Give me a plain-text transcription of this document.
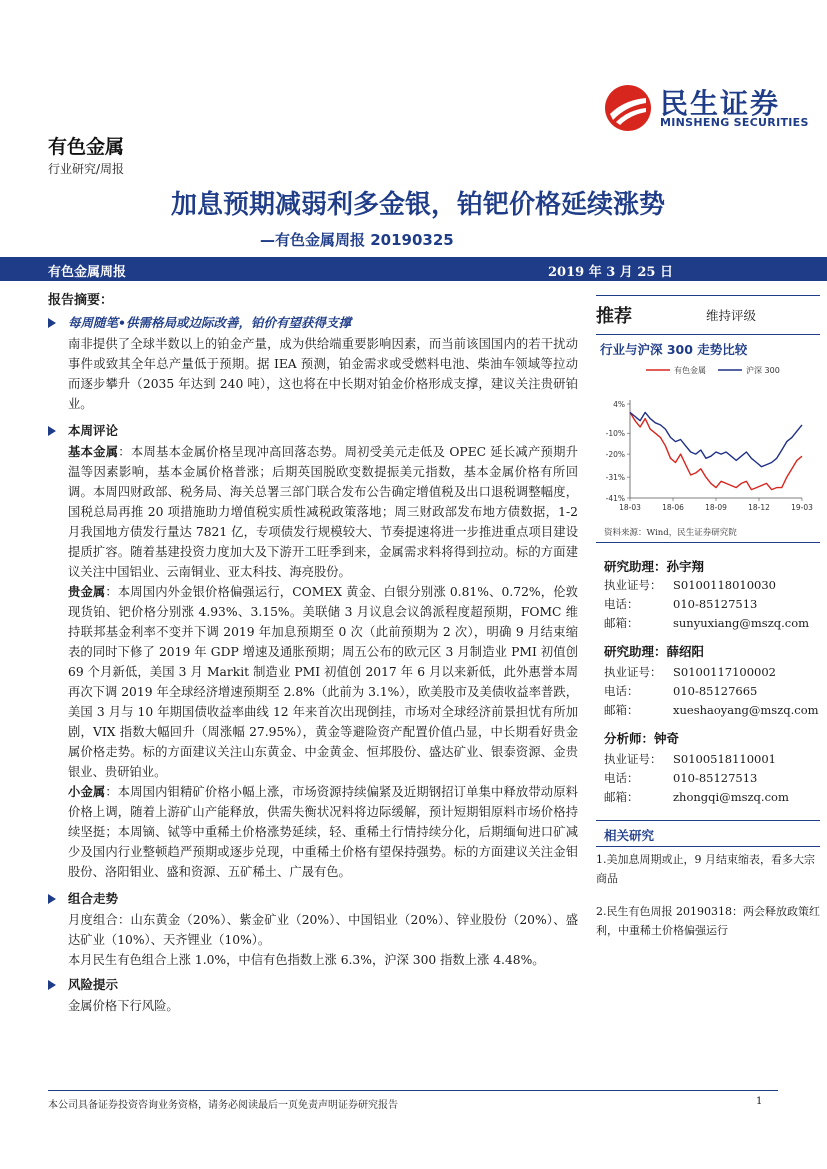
民生证券
MINSHENG SECURITIES
有色金属
行业研究/周报
加息预期减弱利多金银，铂钯价格延续涨势
—有色金属周报 20190325
有色金属周报	2019 年 3 月 25 日
报告摘要：
每周随笔•供需格局或边际改善，铂价有望获得支撑

南非提供了全球半数以上的铂金产量，成为供给端重要影响因素，而当前该国国内的若干扰动事件或致其全年总产量低于预期。据 IEA 预测，铂金需求或受燃料电池、柴油车领域等拉动而逐步攀升（2035 年达到 240 吨），这也将在中长期对铂金价格形成支撑，建议关注贵研铂业。

本周评论

基本金属：本周基本金属价格呈现冲高回落态势。周初受美元走低及 OPEC 延长减产预期升温等因素影响，基本金属价格普涨；后期英国脱欧变数提振美元指数，基本金属价格有所回调。本周四财政部、税务局、海关总署三部门联合发布公告确定增值税及出口退税调整幅度，国税总局再推 20 项措施助力增值税实质性减税政策落地；周三财政部发布地方债数据，1-2 月我国地方债发行量达 7821 亿，专项债发行规模较大、节奏提速将进一步推进重点项目建设提质扩容。随着基建投资力度加大及下游开工旺季到来，金属需求料将得到拉动。标的方面建议关注中国铝业、云南铜业、亚太科技、海亮股份。

贵金属：本周国内外金银价格偏强运行，COMEX 黄金、白银分别涨 0.81%、0.72%，伦敦现货铂、钯价格分别涨 4.93%、3.15%。美联储 3 月议息会议鸽派程度超预期，FOMC 维持联邦基金利率不变并下调 2019 年加息预期至 0 次（此前预期为 2 次），明确 9 月结束缩表的同时下修了 2019 年 GDP 增速及通胀预期；周五公布的欧元区 3 月制造业 PMI 初值创 69 个月新低，美国 3 月 Markit 制造业 PMI 初值创 2017 年 6 月以来新低，此外惠誉本周再次下调 2019 年全球经济增速预期至 2.8%（此前为 3.1%），欧美股市及美债收益率普跌，美国 3 月与 10 年期国债收益率曲线 12 年来首次出现倒挂，市场对全球经济前景担忧有所加剧，VIX 指数大幅回升（周涨幅 27.95%），黄金等避险资产配置价值凸显，中长期看好贵金属价格走势。标的方面建议关注山东黄金、中金黄金、恒邦股份、盛达矿业、银泰资源、金贵银业、贵研铂业。

小金属：本周国内钼精矿价格小幅上涨，市场资源持续偏紧及近期钢招订单集中释放带动原料价格上调，随着上游矿山产能释放，供需失衡状况料将边际缓解，预计短期钼原料市场价格持续坚挺；本周镝、铽等中重稀土价格涨势延续，轻、重稀土行情持续分化，后期缅甸进口矿减少及国内行业整顿趋严预期或逐步兑现，中重稀土价格有望保持强势。标的方面建议关注金钼股份、洛阳钼业、盛和资源、五矿稀土、广晟有色。

组合走势

月度组合：山东黄金（20%）、紫金矿业（20%）、中国铝业（20%）、锌业股份（20%）、盛达矿业（10%）、天齐锂业（10%）。

本月民生有色组合上涨 1.0%，中信有色指数上涨 6.3%，沪深 300 指数上涨 4.48%。

风险提示

金属价格下行风险。

推荐	维持评级
行业与沪深 300 走势比较
有色金属	沪深 300
4%
-10%
-20%
-31%
-41%
18-03	18-06	18-09	18-12	19-03
资料来源：Wind，民生证券研究院
研究助理：孙宇翔
执业证号：	S0100118010030
电话：	010-85127513
邮箱：	sunyuxiang@mszq.com
研究助理：薛绍阳
执业证号：	S0100117100002
电话：	010-85127665
邮箱：	xueshaoyang@mszq.com
分析师：钟奇
执业证号：	S0100518110001
电话：	010-85127513
邮箱：	zhongqi@mszq.com
相关研究
1.美加息周期或止，9 月结束缩表，看多大宗商品
2.民生有色周报 20190318：两会释放政策红利，中重稀土价格偏强运行
本公司具备证券投资咨询业务资格，请务必阅读最后一页免责声明证券研究报告	1
